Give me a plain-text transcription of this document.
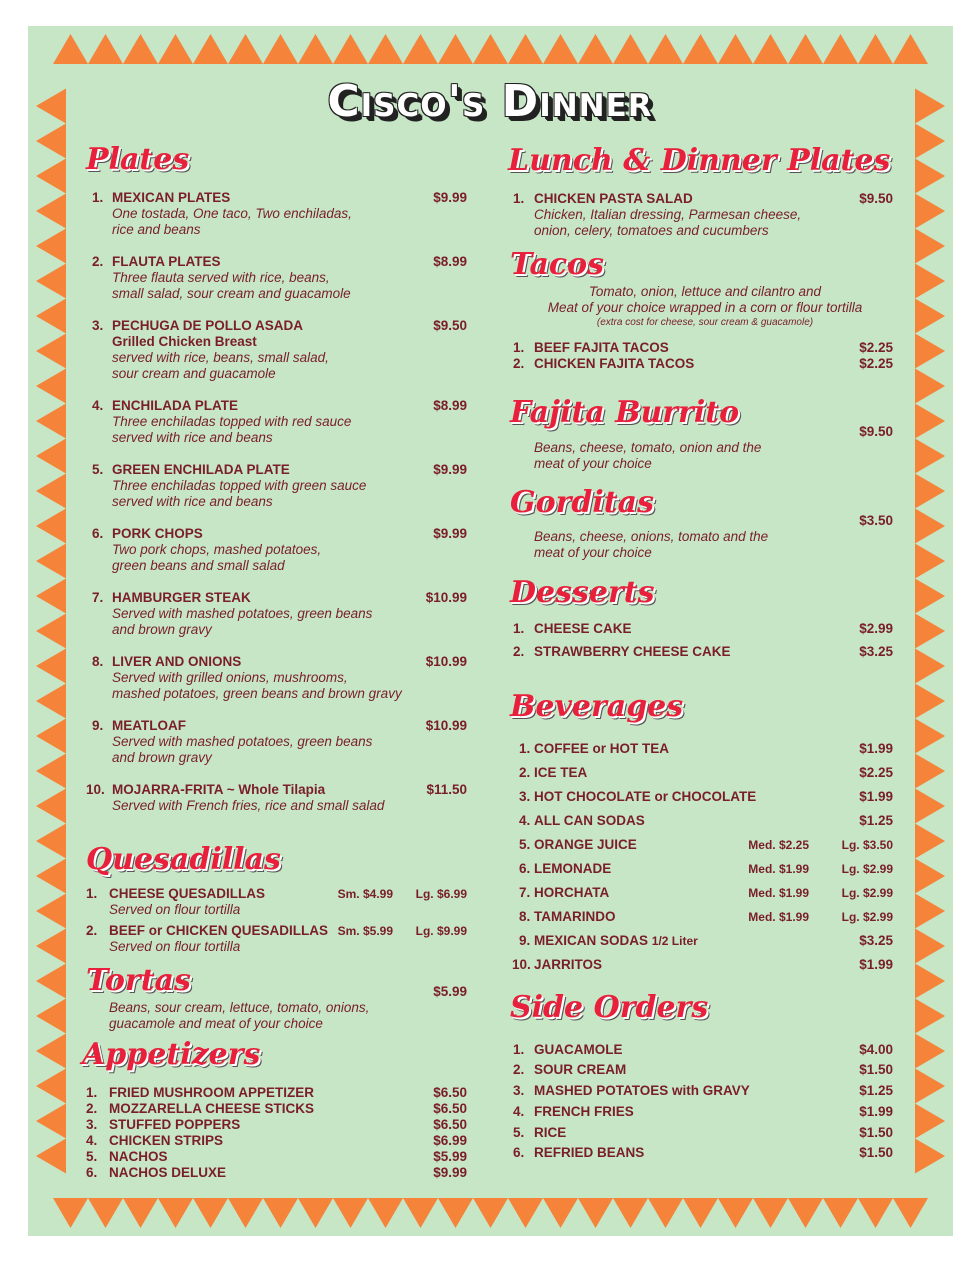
Cisco's Dinner
Plates
1. MEXICAN PLATES	$9.99
One tostada, One taco, Two enchiladas,
rice and beans
2. FLAUTA PLATES	$8.99
Three flauta served with rice, beans,
small salad, sour cream and guacamole
3. PECHUGA DE POLLO ASADA	$9.50
Grilled Chicken Breast
served with rice, beans, small salad,
sour cream and guacamole
4. ENCHILADA PLATE	$8.99
Three enchiladas topped with red sauce
served with rice and beans
5. GREEN ENCHILADA PLATE	$9.99
Three enchiladas topped with green sauce
served with rice and beans
6. PORK CHOPS	$9.99
Two pork chops, mashed potatoes,
green beans and small salad
7. HAMBURGER STEAK	$10.99
Served with mashed potatoes, green beans
and brown gravy
8. LIVER AND ONIONS	$10.99
Served with grilled onions, mushrooms,
mashed potatoes, green beans and brown gravy
9. MEATLOAF	$10.99
Served with mashed potatoes, green beans
and brown gravy
10. MOJARRA-FRITA ~ Whole Tilapia	$11.50
Served with French fries, rice and small salad
Quesadillas
1. CHEESE QUESADILLAS	Sm. $4.99	Lg. $6.99
Served on flour tortilla
2. BEEF or CHICKEN QUESADILLAS Sm. $5.99	Lg. $9.99
Served on flour tortilla
Tortas	$5.99
Beans, sour cream, lettuce, tomato, onions,
guacamole and meat of your choice
Appetizers
1. FRIED MUSHROOM APPETIZER	$6.50
2. MOZZARELLA CHEESE STICKS	$6.50
3. STUFFED POPPERS	$6.50
4. CHICKEN STRIPS	$6.99
5. NACHOS	$5.99
6. NACHOS DELUXE	$9.99
Lunch & Dinner Plates
1. CHICKEN PASTA SALAD	$9.50
Chicken, Italian dressing, Parmesan cheese,
onion, celery, tomatoes and cucumbers
Tacos
Tomato, onion, lettuce and cilantro and
Meat of your choice wrapped in a corn or flour tortilla
(extra cost for cheese, sour cream & guacamole)
1. BEEF FAJITA TACOS	$2.25
2. CHICKEN FAJITA TACOS	$2.25
Fajita Burrito
$9.50
Beans, cheese, tomato, onion and the
meat of your choice
Gorditas
$3.50
Beans, cheese, onions, tomato and the
meat of your choice
Desserts
1. CHEESE CAKE	$2.99
2. STRAWBERRY CHEESE CAKE	$3.25
Beverages
1. COFFEE or HOT TEA	$1.99
2. ICE TEA	$2.25
3. HOT CHOCOLATE or CHOCOLATE	$1.99
4. ALL CAN SODAS	$1.25
5. ORANGE JUICE	Med. $2.25	Lg. $3.50
6. LEMONADE	Med. $1.99	Lg. $2.99
7. HORCHATA	Med. $1.99	Lg. $2.99
8. TAMARINDO	Med. $1.99	Lg. $2.99
9. MEXICAN SODAS 1/2 Liter	$3.25
10. JARRITOS	$1.99
Side Orders
1. GUACAMOLE	$4.00
2. SOUR CREAM	$1.50
3. MASHED POTATOES with GRAVY	$1.25
4. FRENCH FRIES	$1.99
5. RICE	$1.50
6. REFRIED BEANS	$1.50
